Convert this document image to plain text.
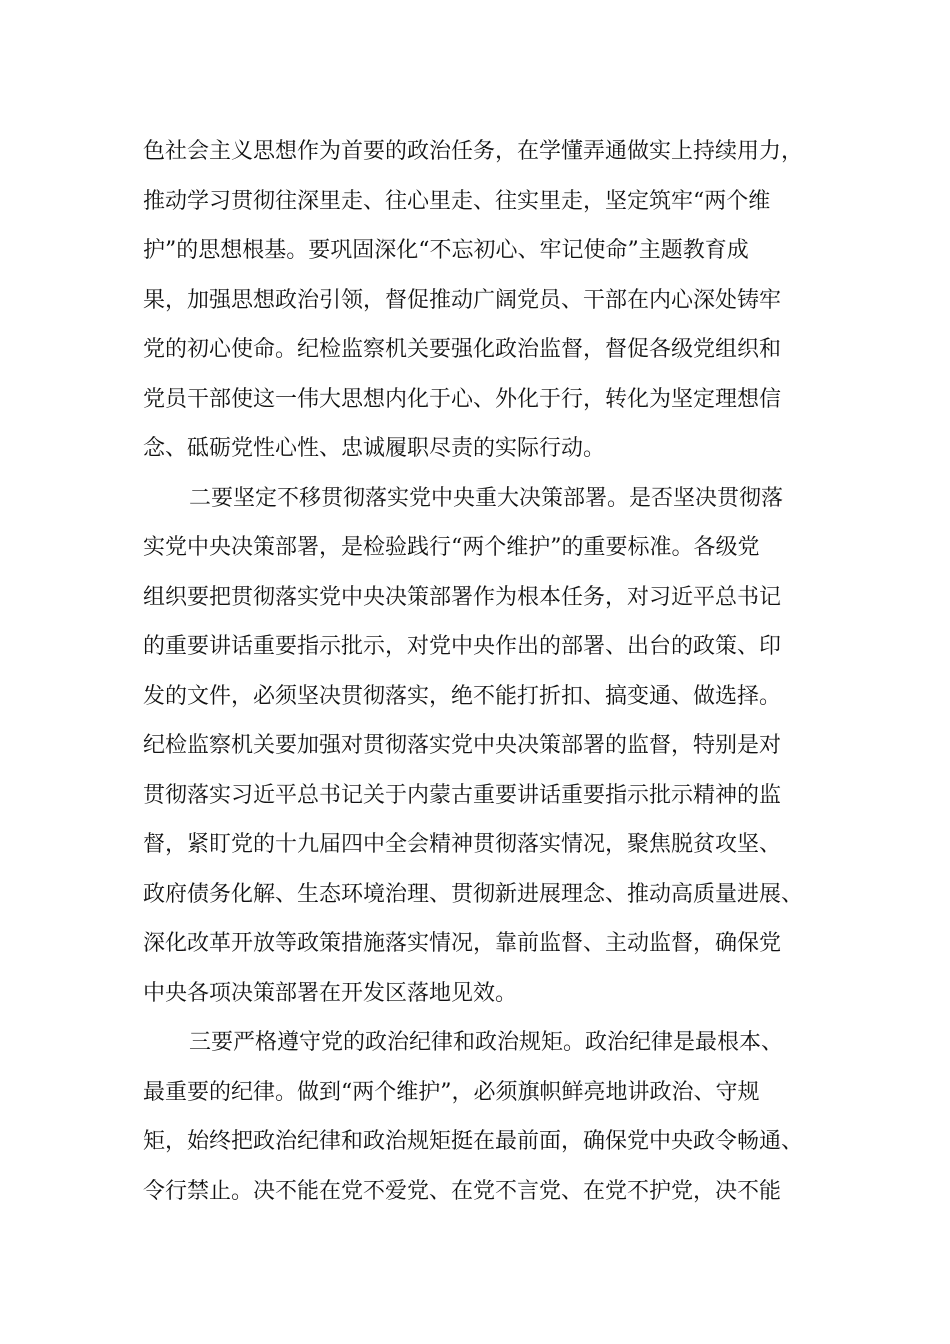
色社会主义思想作为首要的政治任务，在学懂弄通做实上持续用力，
推动学习贯彻往深里走、往心里走、往实里走，坚定筑牢“两个维
护”的思想根基。要巩固深化“不忘初心、牢记使命”主题教育成
果，加强思想政治引领，督促推动广阔党员、干部在内心深处铸牢
党的初心使命。纪检监察机关要强化政治监督，督促各级党组织和
党员干部使这一伟大思想内化于心、外化于行，转化为坚定理想信
念、砥砺党性心性、忠诚履职尽责的实际行动。
二要坚定不移贯彻落实党中央重大决策部署。是否坚决贯彻落
实党中央决策部署，是检验践行“两个维护”的重要标准。各级党
组织要把贯彻落实党中央决策部署作为根本任务，对习近平总书记
的重要讲话重要指示批示，对党中央作出的部署、出台的政策、印
发的文件，必须坚决贯彻落实，绝不能打折扣、搞变通、做选择。
纪检监察机关要加强对贯彻落实党中央决策部署的监督，特别是对
贯彻落实习近平总书记关于内蒙古重要讲话重要指示批示精神的监
督，紧盯党的十九届四中全会精神贯彻落实情况，聚焦脱贫攻坚、
政府债务化解、生态环境治理、贯彻新进展理念、推动高质量进展、
深化改革开放等政策措施落实情况，靠前监督、主动监督，确保党
中央各项决策部署在开发区落地见效。
三要严格遵守党的政治纪律和政治规矩。政治纪律是最根本、
最重要的纪律。做到“两个维护”，必须旗帜鲜亮地讲政治、守规
矩，始终把政治纪律和政治规矩挺在最前面，确保党中央政令畅通、
令行禁止。决不能在党不爱党、在党不言党、在党不护党，决不能
